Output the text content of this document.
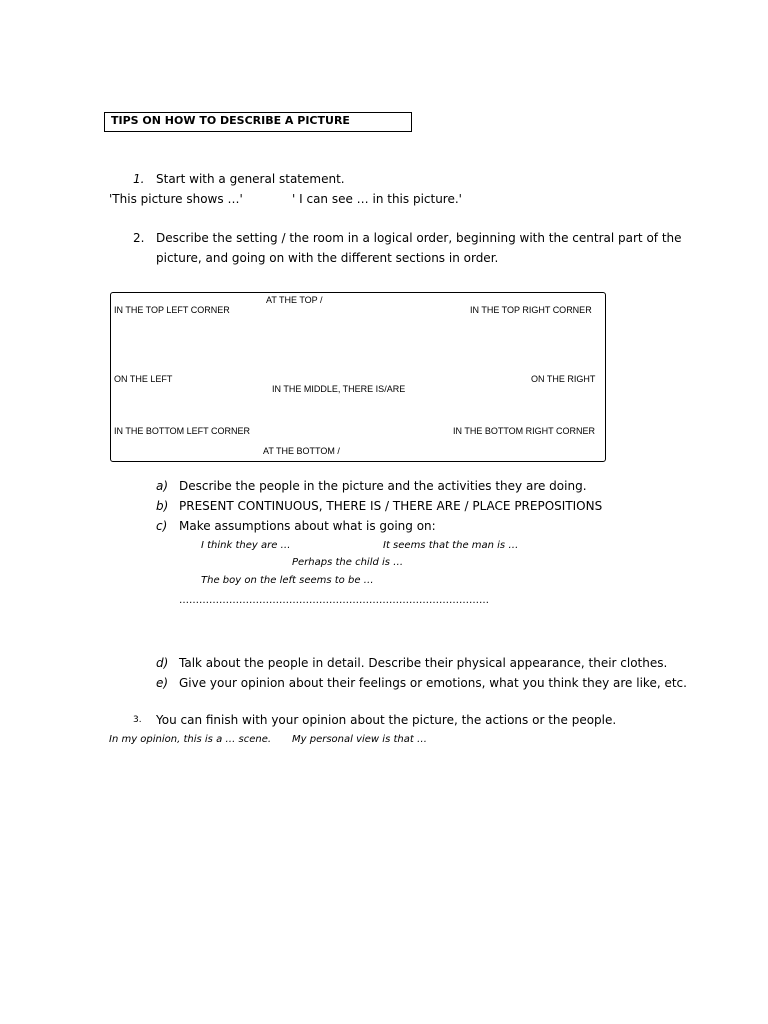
TIPS ON HOW TO DESCRIBE A PICTURE
1. Start with a general statement.
'This picture shows …'	' I can see … in this picture.'
2. Describe the setting / the room in a logical order, beginning with the central part of the
picture, and going on with the different sections in order.
AT THE TOP /
IN THE TOP LEFT CORNER	IN THE TOP RIGHT CORNER
ON THE LEFT	ON THE RIGHT
IN THE MIDDLE, THERE IS/ARE
IN THE BOTTOM LEFT CORNER	IN THE BOTTOM RIGHT CORNER
AT THE BOTTOM /
a) Describe the people in the picture and the activities they are doing.
b) PRESENT CONTINUOUS, THERE IS / THERE ARE / PLACE PREPOSITIONS
c) Make assumptions about what is going on:
I think they are …	It seems that the man is …
Perhaps the child is …
The boy on the left seems to be …
…………………………………………………………………………………
d) Talk about the people in detail. Describe their physical appearance, their clothes.
e) Give your opinion about their feelings or emotions, what you think they are like, etc.
3. You can finish with your opinion about the picture, the actions or the people.
In my opinion, this is a … scene. My personal view is that …
